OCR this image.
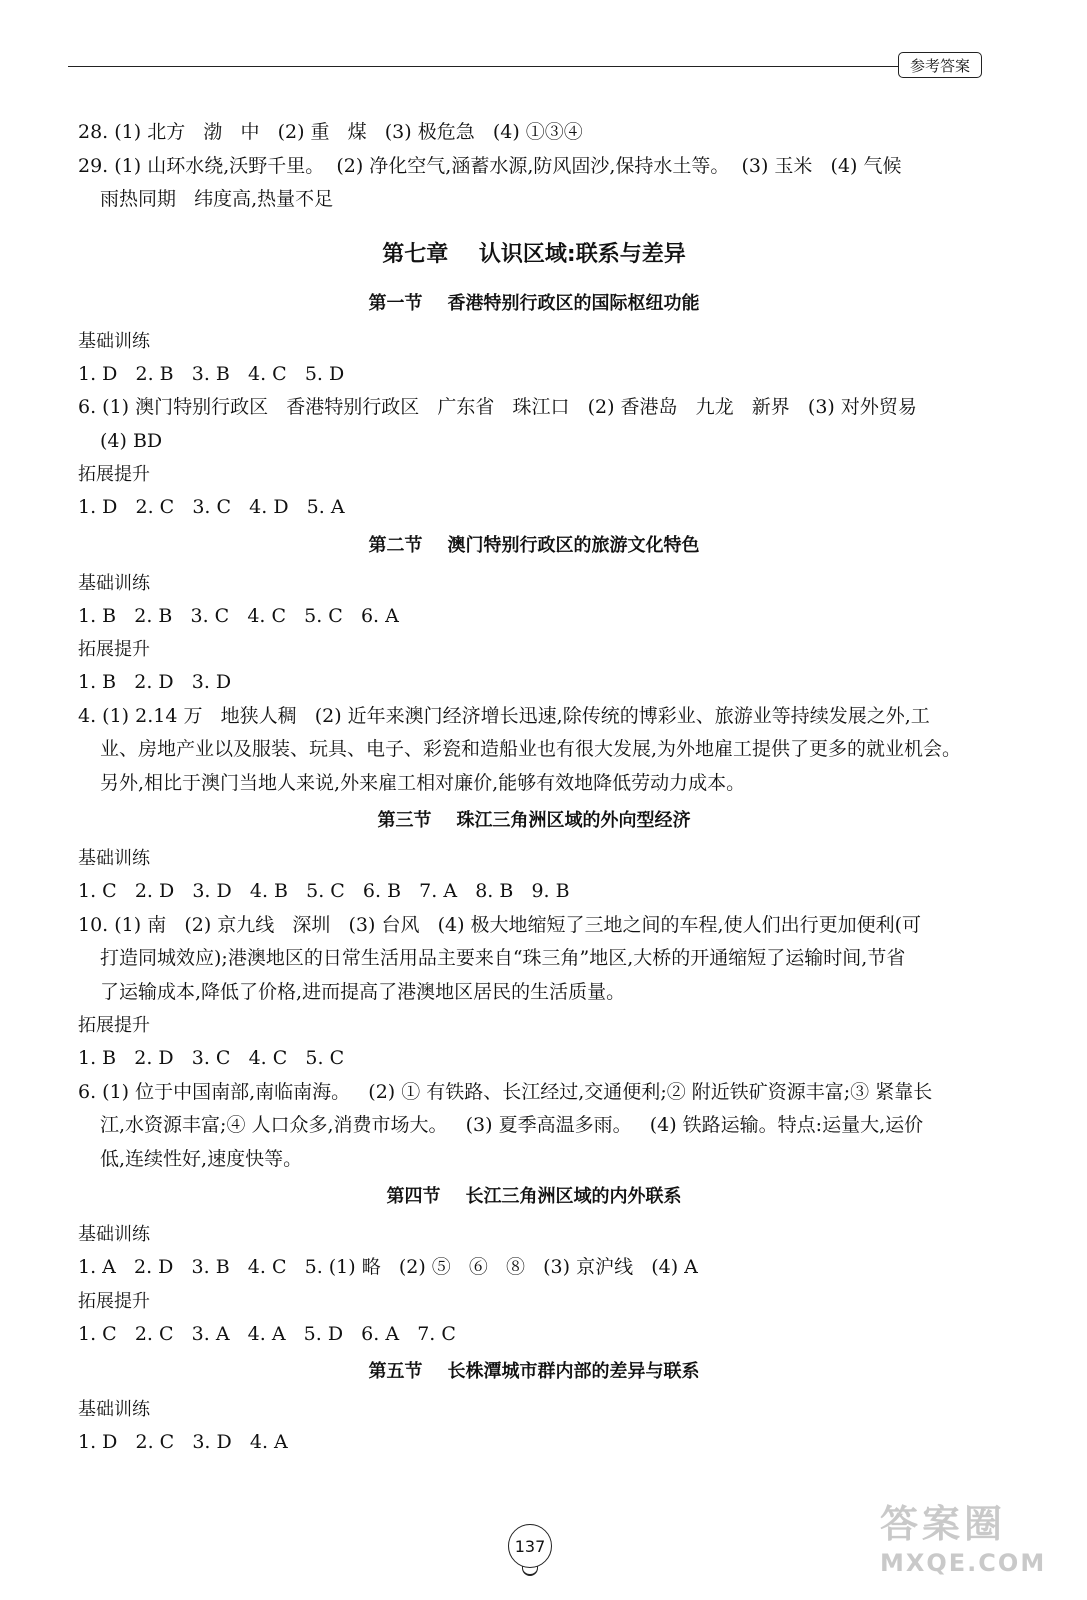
参考答案

28. (1) 北方   渤   中   (2) 重   煤   (3) 极危急   (4) ①③④

29. (1) 山环水绕,沃野千里。  (2) 净化空气,涵蓄水源,防风固沙,保持水土等。  (3) 玉米   (4) 气候

雨热同期   纬度高,热量不足

第七章    认识区域:联系与差异
第一节    香港特别行政区的国际枢纽功能

基础训练

1. D   2. B   3. B   4. C   5. D

6. (1) 澳门特别行政区   香港特别行政区   广东省   珠江口   (2) 香港岛   九龙   新界   (3) 对外贸易

(4) BD

拓展提升

1. D   2. C   3. C   4. D   5. A

第二节    澳门特别行政区的旅游文化特色

基础训练

1. B   2. B   3. C   4. C   5. C   6. A

拓展提升

1. B   2. D   3. D

4. (1) 2.14 万   地狭人稠   (2) 近年来澳门经济增长迅速,除传统的博彩业、旅游业等持续发展之外,工

业、房地产业以及服装、玩具、电子、彩瓷和造船业也有很大发展,为外地雇工提供了更多的就业机会。

另外,相比于澳门当地人来说,外来雇工相对廉价,能够有效地降低劳动力成本。

第三节    珠江三角洲区域的外向型经济

基础训练

1. C   2. D   3. D   4. B   5. C   6. B   7. A   8. B   9. B

10. (1) 南   (2) 京九线   深圳   (3) 台风   (4) 极大地缩短了三地之间的车程,使人们出行更加便利(可

打造同城效应);港澳地区的日常生活用品主要来自“珠三角”地区,大桥的开通缩短了运输时间,节省

了运输成本,降低了价格,进而提高了港澳地区居民的生活质量。

拓展提升

1. B   2. D   3. C   4. C   5. C

6. (1) 位于中国南部,南临南海。   (2) ① 有铁路、长江经过,交通便利;② 附近铁矿资源丰富;③ 紧靠长

江,水资源丰富;④ 人口众多,消费市场大。   (3) 夏季高温多雨。   (4) 铁路运输。特点:运量大,运价

低,连续性好,速度快等。

第四节    长江三角洲区域的内外联系

基础训练

1. A   2. D   3. B   4. C   5. (1) 略   (2) ⑤   ⑥   ⑧   (3) 京沪线   (4) A

拓展提升

1. C   2. C   3. A   4. A   5. D   6. A   7. C

第五节    长株潭城市群内部的差异与联系

基础训练

1. D   2. C   3. D   4. A

137
答案圈
MXQE.COM
